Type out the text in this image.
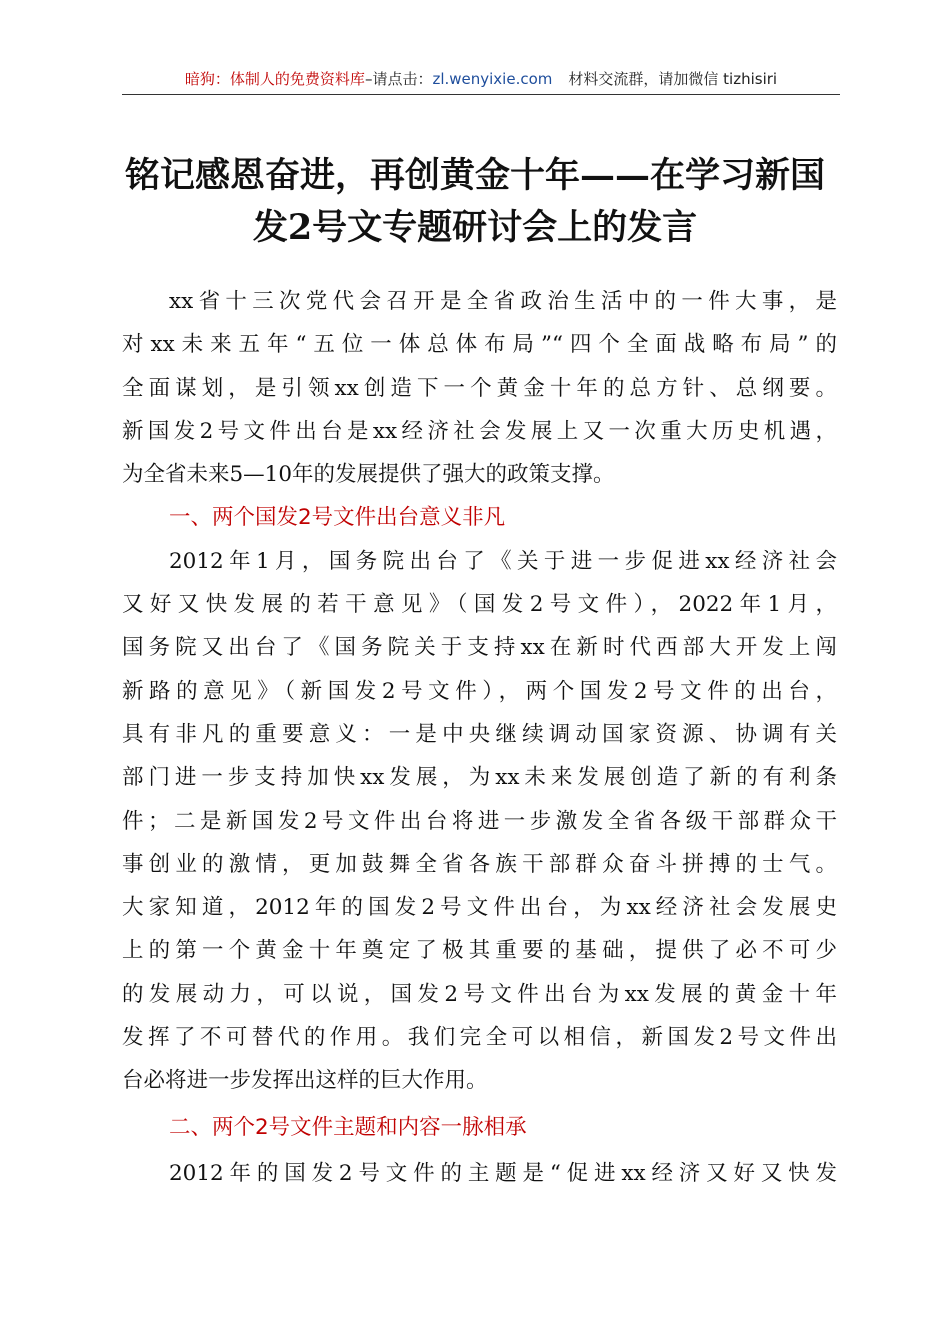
暗狗：体制人的免费资料库–请点击：zl.wenyixie.com 材料交流群，请加微信 tizhisiri
铭记感恩奋进，再创黄金十年——在学习新国
发2号文专题研讨会上的发言
xx省十三次党代会召开是全省政治生活中的一件大事，是
对xx未来五年“五位一体总体布局”“四个全面战略布局”的
全面谋划，是引领xx创造下一个黄金十年的总方针、总纲要。
新国发2号文件出台是xx经济社会发展上又一次重大历史机遇，
为全省未来5—10年的发展提供了强大的政策支撑。
一、两个国发2号文件出台意义非凡
2012年1月，国务院出台了《关于进一步促进xx经济社会
又好又快发展的若干意见》（国发2号文件），2022年1月，
国务院又出台了《国务院关于支持xx在新时代西部大开发上闯
新路的意见》（新国发2号文件），两个国发2号文件的出台，
具有非凡的重要意义：一是中央继续调动国家资源、协调有关
部门进一步支持加快xx发展，为xx未来发展创造了新的有利条
件；二是新国发2号文件出台将进一步激发全省各级干部群众干
事创业的激情，更加鼓舞全省各族干部群众奋斗拼搏的士气。
大家知道，2012年的国发2号文件出台，为xx经济社会发展史
上的第一个黄金十年奠定了极其重要的基础，提供了必不可少
的发展动力，可以说，国发2号文件出台为xx发展的黄金十年
发挥了不可替代的作用。我们完全可以相信，新国发2号文件出
台必将进一步发挥出这样的巨大作用。
二、两个2号文件主题和内容一脉相承
2012年的国发2号文件的主题是“促进xx经济又好又快发
